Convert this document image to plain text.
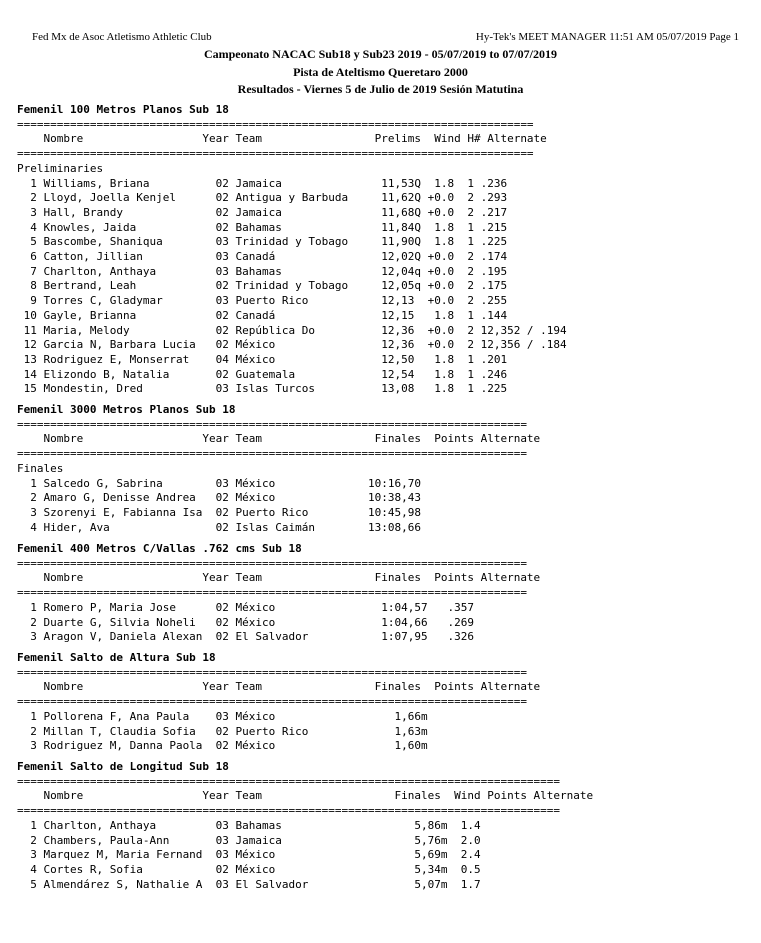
Fed Mx de Asoc Atletismo Athletic Club	Hy-Tek's MEET MANAGER 11:51 AM 05/07/2019 Page 1
Campeonato NACAC Sub18 y Sub23 2019 - 05/07/2019 to 07/07/2019
Pista de Ateltismo Queretaro 2000
Resultados - Viernes 5 de Julio de 2019 Sesión Matutina
Femenil 100 Metros Planos Sub 18
==============================================================================
Nombre                  Year Team                 Prelims  Wind H# Alternate
==============================================================================
Preliminaries
1 Williams, Briana          02 Jamaica               11,53Q  1.8  1 .236
2 Lloyd, Joella Kenjel      02 Antigua y Barbuda     11,62Q +0.0  2 .293
3 Hall, Brandy              02 Jamaica               11,68Q +0.0  2 .217
4 Knowles, Jaida            02 Bahamas               11,84Q  1.8  1 .215
5 Bascombe, Shaniqua        03 Trinidad y Tobago     11,90Q  1.8  1 .225
6 Catton, Jillian           03 Canadá                12,02Q +0.0  2 .174
7 Charlton, Anthaya         03 Bahamas               12,04q +0.0  2 .195
8 Bertrand, Leah            02 Trinidad y Tobago     12,05q +0.0  2 .175
9 Torres C, Gladymar        03 Puerto Rico           12,13  +0.0  2 .255
10 Gayle, Brianna            02 Canadá                12,15   1.8  1 .144
11 Maria, Melody             02 República Do          12,36  +0.0  2 12,352 / .194
12 Garcia N, Barbara Lucia   02 México                12,36  +0.0  2 12,356 / .184
13 Rodriguez E, Monserrat    04 México                12,50   1.8  1 .201
14 Elizondo B, Natalia       02 Guatemala             12,54   1.8  1 .246
15 Mondestin, Dred           03 Islas Turcos          13,08   1.8  1 .225
Femenil 3000 Metros Planos Sub 18
=============================================================================
Nombre                  Year Team                 Finales  Points Alternate
=============================================================================
Finales
1 Salcedo G, Sabrina        03 México              10:16,70
2 Amaro G, Denisse Andrea   02 México              10:38,43
3 Szorenyi E, Fabianna Isa  02 Puerto Rico         10:45,98
4 Hider, Ava                02 Islas Caimán        13:08,66
Femenil 400 Metros C/Vallas .762 cms Sub 18
=============================================================================
Nombre                  Year Team                 Finales  Points Alternate
=============================================================================
1 Romero P, Maria Jose      02 México                1:04,57   .357
2 Duarte G, Silvia Noheli   02 México                1:04,66   .269
3 Aragon V, Daniela Alexan  02 El Salvador           1:07,95   .326
Femenil Salto de Altura Sub 18
=============================================================================
Nombre                  Year Team                 Finales  Points Alternate
=============================================================================
1 Pollorena F, Ana Paula    03 México                  1,66m
2 Millan T, Claudia Sofia   02 Puerto Rico             1,63m
3 Rodriguez M, Danna Paola  02 México                  1,60m
Femenil Salto de Longitud Sub 18
==================================================================================
Nombre                  Year Team                    Finales  Wind Points Alternate
==================================================================================
1 Charlton, Anthaya         03 Bahamas                    5,86m  1.4
2 Chambers, Paula-Ann       03 Jamaica                    5,76m  2.0
3 Marquez M, Maria Fernand  03 México                     5,69m  2.4
4 Cortes R, Sofia           02 México                     5,34m  0.5
5 Almendárez S, Nathalie A  03 El Salvador                5,07m  1.7
